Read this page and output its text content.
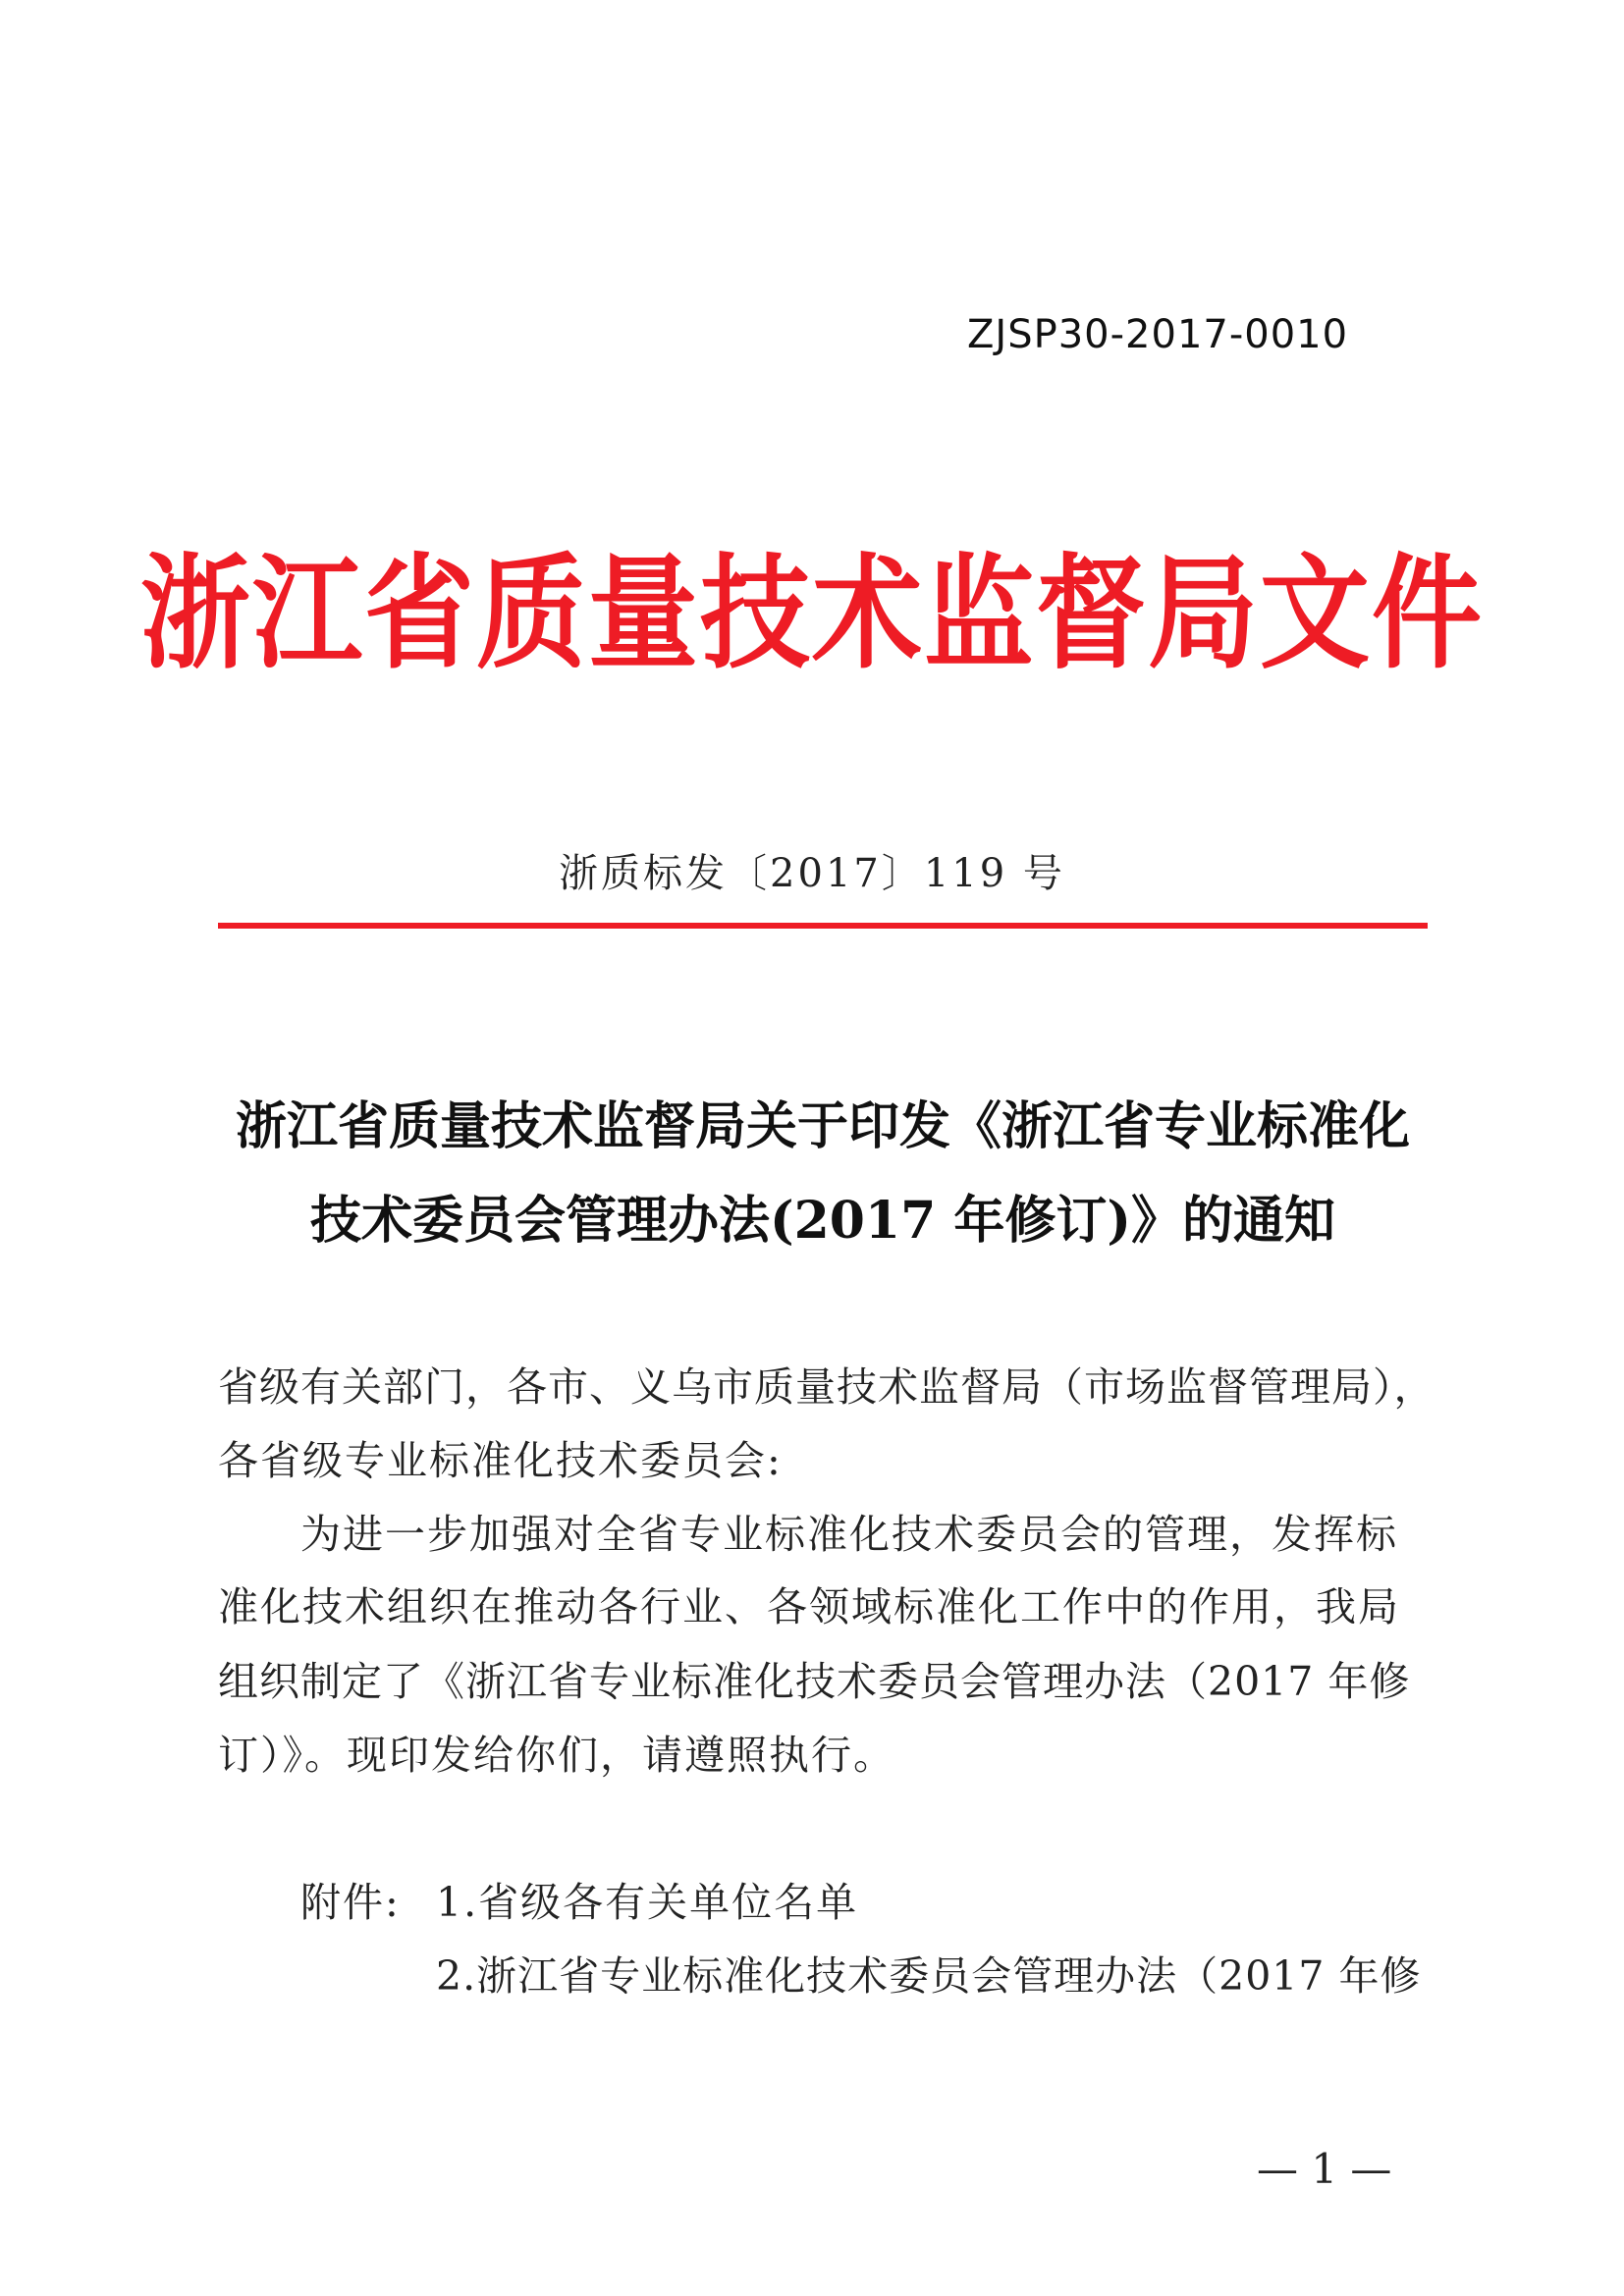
ZJSP30-2017-0010
浙江省质量技术监督局文件
浙质标发〔2017〕119 号
浙江省质量技术监督局关于印发《浙江省专业标准化
技术委员会管理办法(2017 年修订)》的通知
省级有关部门，各市、义乌市质量技术监督局（市场监督管理局），
各省级专业标准化技术委员会:
为进一步加强对全省专业标准化技术委员会的管理，发挥标
准化技术组织在推动各行业、各领域标准化工作中的作用，我局
组织制定了《浙江省专业标准化技术委员会管理办法（2017 年修
订）》。现印发给你们，请遵照执行。
附件: 1.省级各有关单位名单
2.浙江省专业标准化技术委员会管理办法（2017 年修
— 1 —
